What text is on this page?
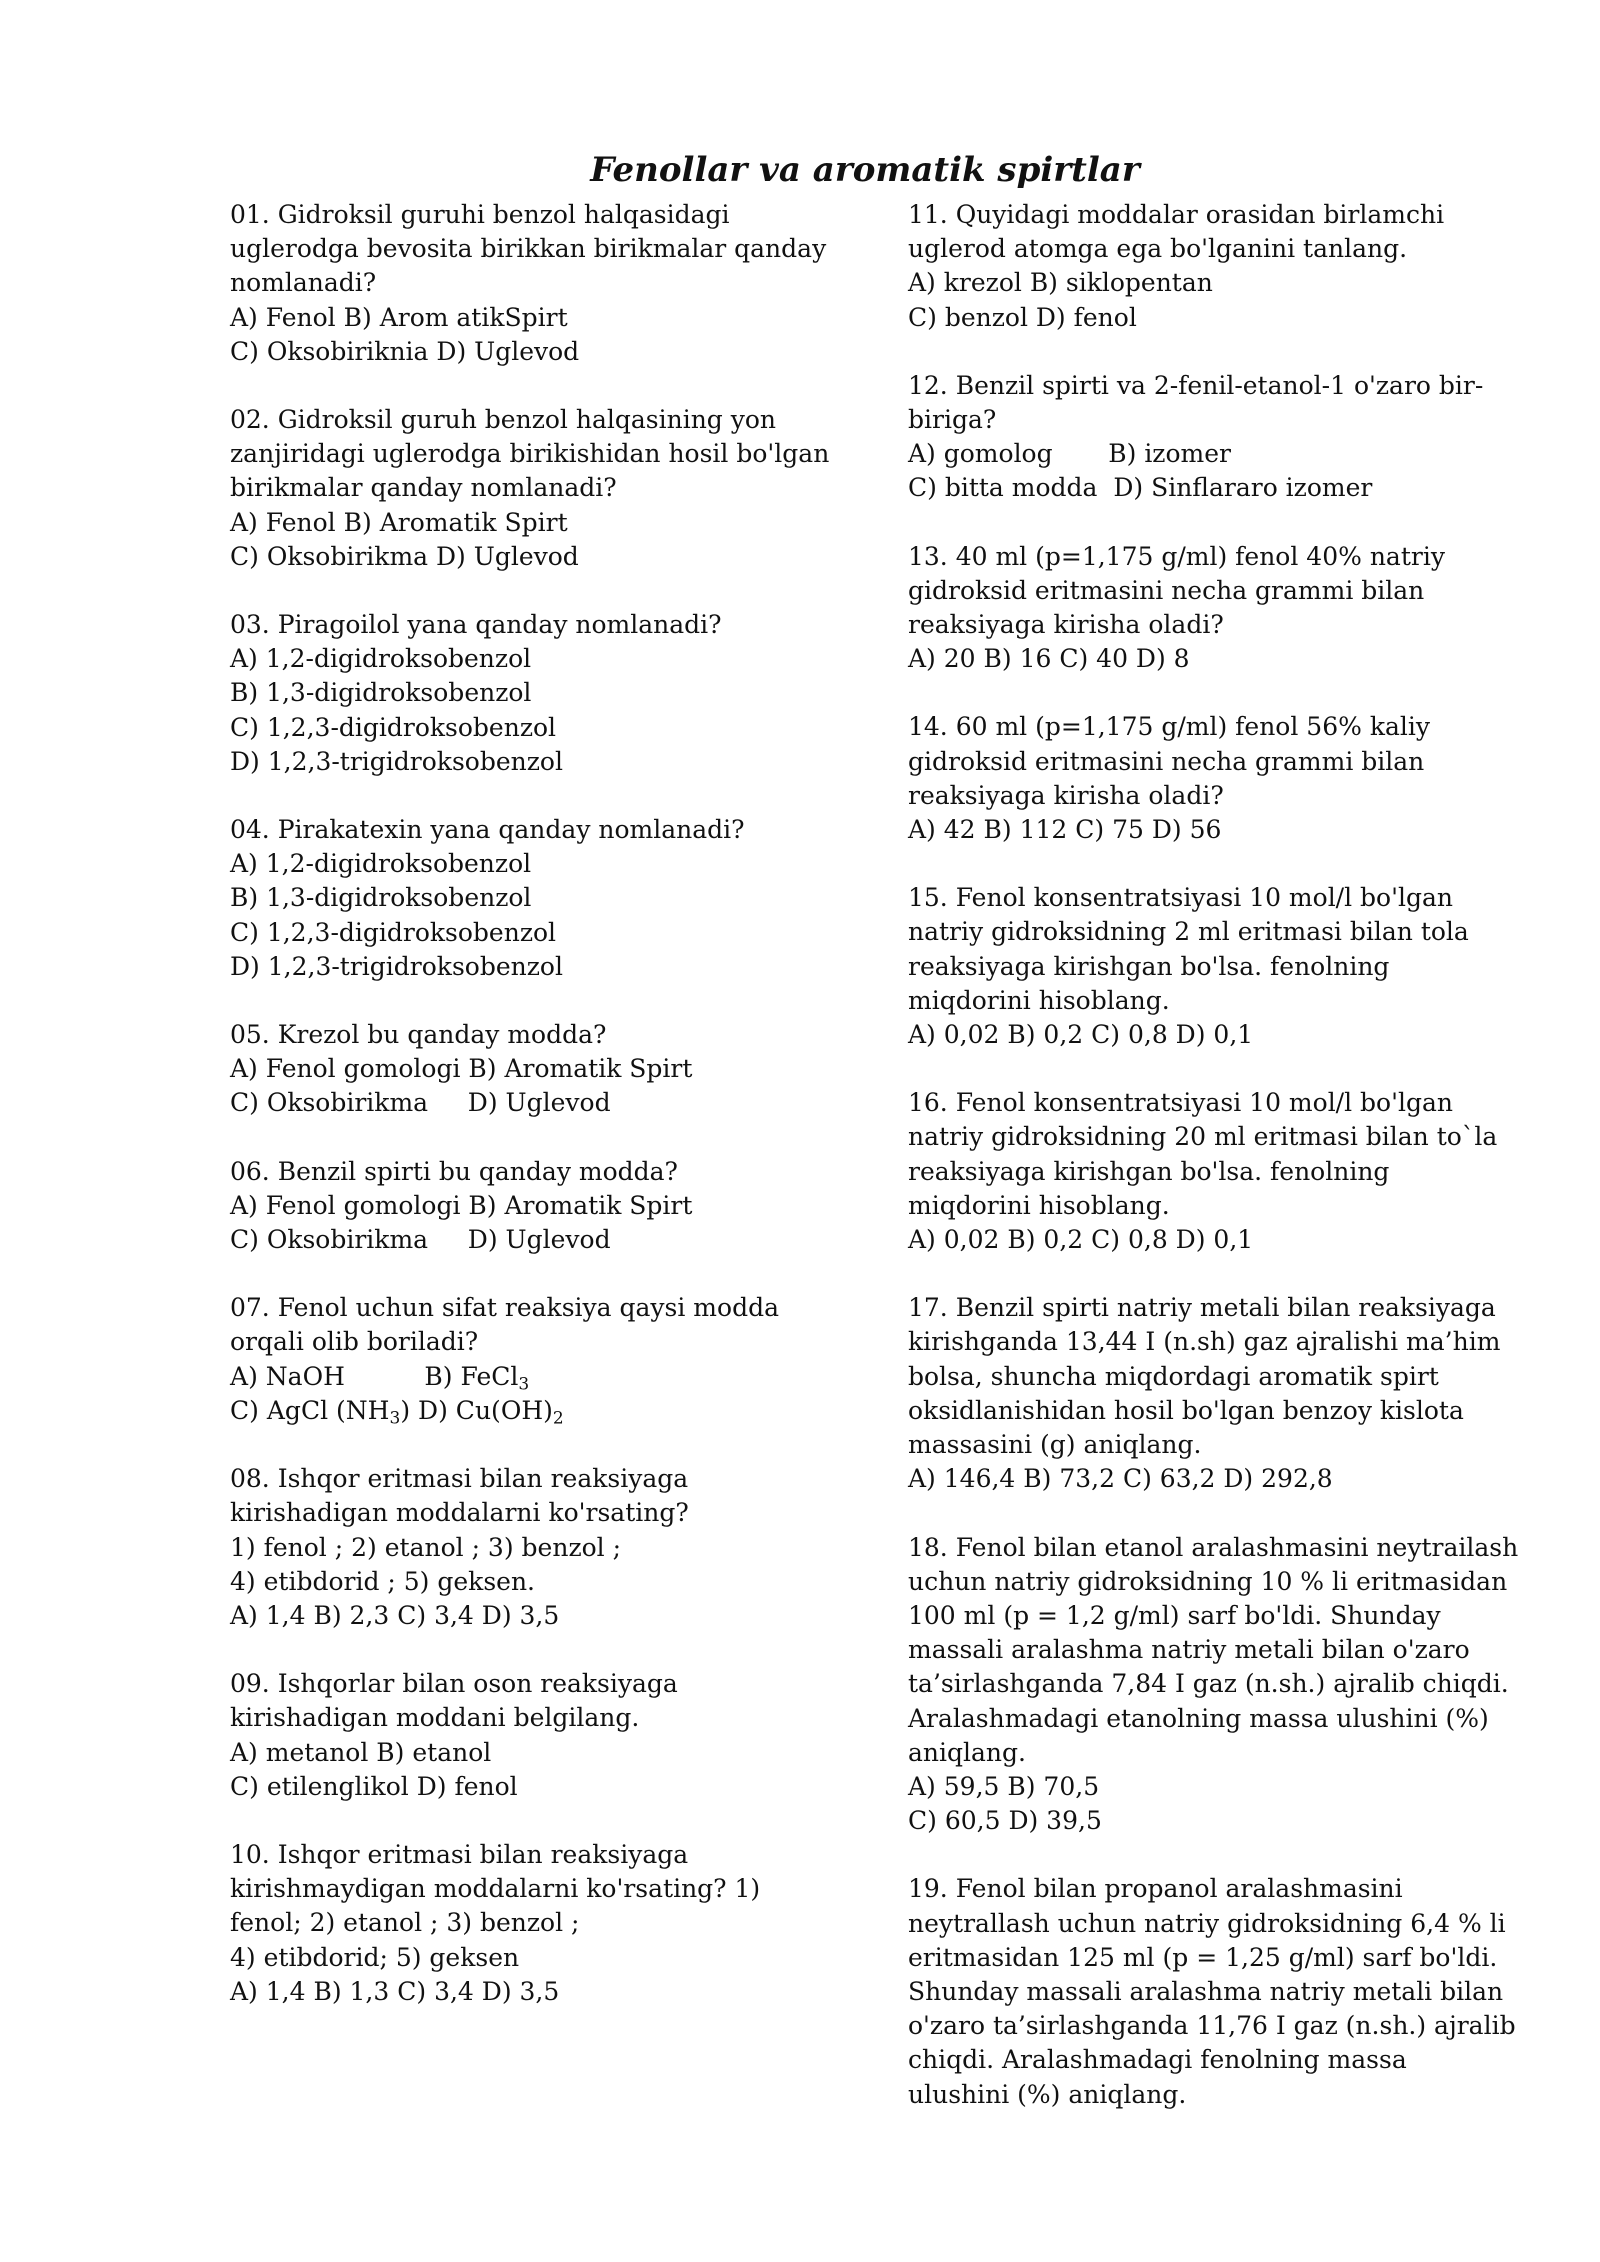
Fenollar va aromatik spirtlar
01. Gidroksil guruhi benzol halqasidagi
uglerodga bevosita birikkan birikmalar qanday
nomlanadi?
A) Fenol B) Arom atikSpirt
C) Oksobiriknia D) Uglevod
02. Gidroksil guruh benzol halqasining yon
zanjiridagi uglerodga birikishidan hosil bo'lgan
birikmalar qanday nomlanadi?
A) Fenol B) Aromatik Spirt
C) Oksobirikma D) Uglevod
03. Piragoilol yana qanday nomlanadi?
A) 1,2-digidroksobenzol
B) 1,3-digidroksobenzol
C) 1,2,3-digidroksobenzol
D) 1,2,3-trigidroksobenzol
04. Pirakatexin yana qanday nomlanadi?
A) 1,2-digidroksobenzol
B) 1,3-digidroksobenzol
C) 1,2,3-digidroksobenzol
D) 1,2,3-trigidroksobenzol
05. Krezol bu qanday modda?
A) Fenol gomologi B) Aromatik Spirt
C) Oksobirikma     D) Uglevod
06. Benzil spirti bu qanday modda?
A) Fenol gomologi B) Aromatik Spirt
C) Oksobirikma     D) Uglevod
07. Fenol uchun sifat reaksiya qaysi modda
orqali olib boriladi?
A) NaOH	B) FeCl$_3$
C) AgCl $(NH_3)$ D) $Cu(OH)_2$
08. Ishqor eritmasi bilan reaksiyaga
kirishadigan moddalarni ko'rsating?
1) fenol ; 2) etanol ; 3) benzol ;
4) etibdorid ; 5) geksen.
A) 1,4 B) 2,3 C) 3,4 D) 3,5
09. Ishqorlar bilan oson reaksiyaga
kirishadigan moddani belgilang.
A) metanol B) etanol
C) etilenglikol D) fenol
10. Ishqor eritmasi bilan reaksiyaga
kirishmaydigan moddalarni ko'rsating? 1)
fenol; 2) etanol ; 3) benzol ;
4) etibdorid; 5) geksen
A) 1,4 B) 1,3 C) 3,4 D) 3,5
11. Quyidagi moddalar orasidan birlamchi
uglerod atomga ega bo'lganini tanlang.
A) krezol B) siklopentan
C) benzol D) fenol
12. Benzil spirti va 2-fenil-etanol-1 o'zaro bir-
biriga?
A) gomolog       B) izomer
C) bitta modda  D) Sinflararo izomer
13. 40 ml (p=1,175 g/ml) fenol 40% natriy
gidroksid eritmasini necha grammi bilan
reaksiyaga kirisha oladi?
A) 20 B) 16 C) 40 D) 8
14. 60 ml (p=1,175 g/ml) fenol 56% kaliy
gidroksid eritmasini necha grammi bilan
reaksiyaga kirisha oladi?
A) 42 B) 112 C) 75 D) 56
15. Fenol konsentratsiyasi 10 mol/l bo'lgan
natriy gidroksidning 2 ml eritmasi bilan tola
reaksiyaga kirishgan bo'lsa. fenolning
miqdorini hisoblang.
A) 0,02 B) 0,2 C) 0,8 D) 0,1
16. Fenol konsentratsiyasi 10 mol/l bo'lgan
natriy gidroksidning 20 ml eritmasi bilan to`la
reaksiyaga kirishgan bo'lsa. fenolning
miqdorini hisoblang.
A) 0,02 B) 0,2 C) 0,8 D) 0,1
17. Benzil spirti natriy metali bilan reaksiyaga
kirishganda 13,44 I (n.sh) gaz ajralishi ma’him
bolsa, shuncha miqdordagi aromatik spirt
oksidlanishidan hosil bo'lgan benzoy kislota
massasini (g) aniqlang.
A) 146,4 B) 73,2 C) 63,2 D) 292,8
18. Fenol bilan etanol aralashmasini neytrailash
uchun natriy gidroksidning 10 % li eritmasidan
100 ml (p = 1,2 g/ml) sarf bo'ldi. Shunday
massali aralashma natriy metali bilan o'zaro
ta’sirlashganda 7,84 I gaz (n.sh.) ajralib chiqdi.
Aralashmadagi etanolning massa ulushini (%)
aniqlang.
A) 59,5 B) 70,5
C) 60,5 D) 39,5
19. Fenol bilan propanol aralashmasini
neytrallash uchun natriy gidroksidning 6,4 % li
eritmasidan 125 ml (p = 1,25 g/ml) sarf bo'ldi.
Shunday massali aralashma natriy metali bilan
o'zaro ta’sirlashganda 11,76 I gaz (n.sh.) ajralib
chiqdi. Aralashmadagi fenolning massa
ulushini (%) aniqlang.
